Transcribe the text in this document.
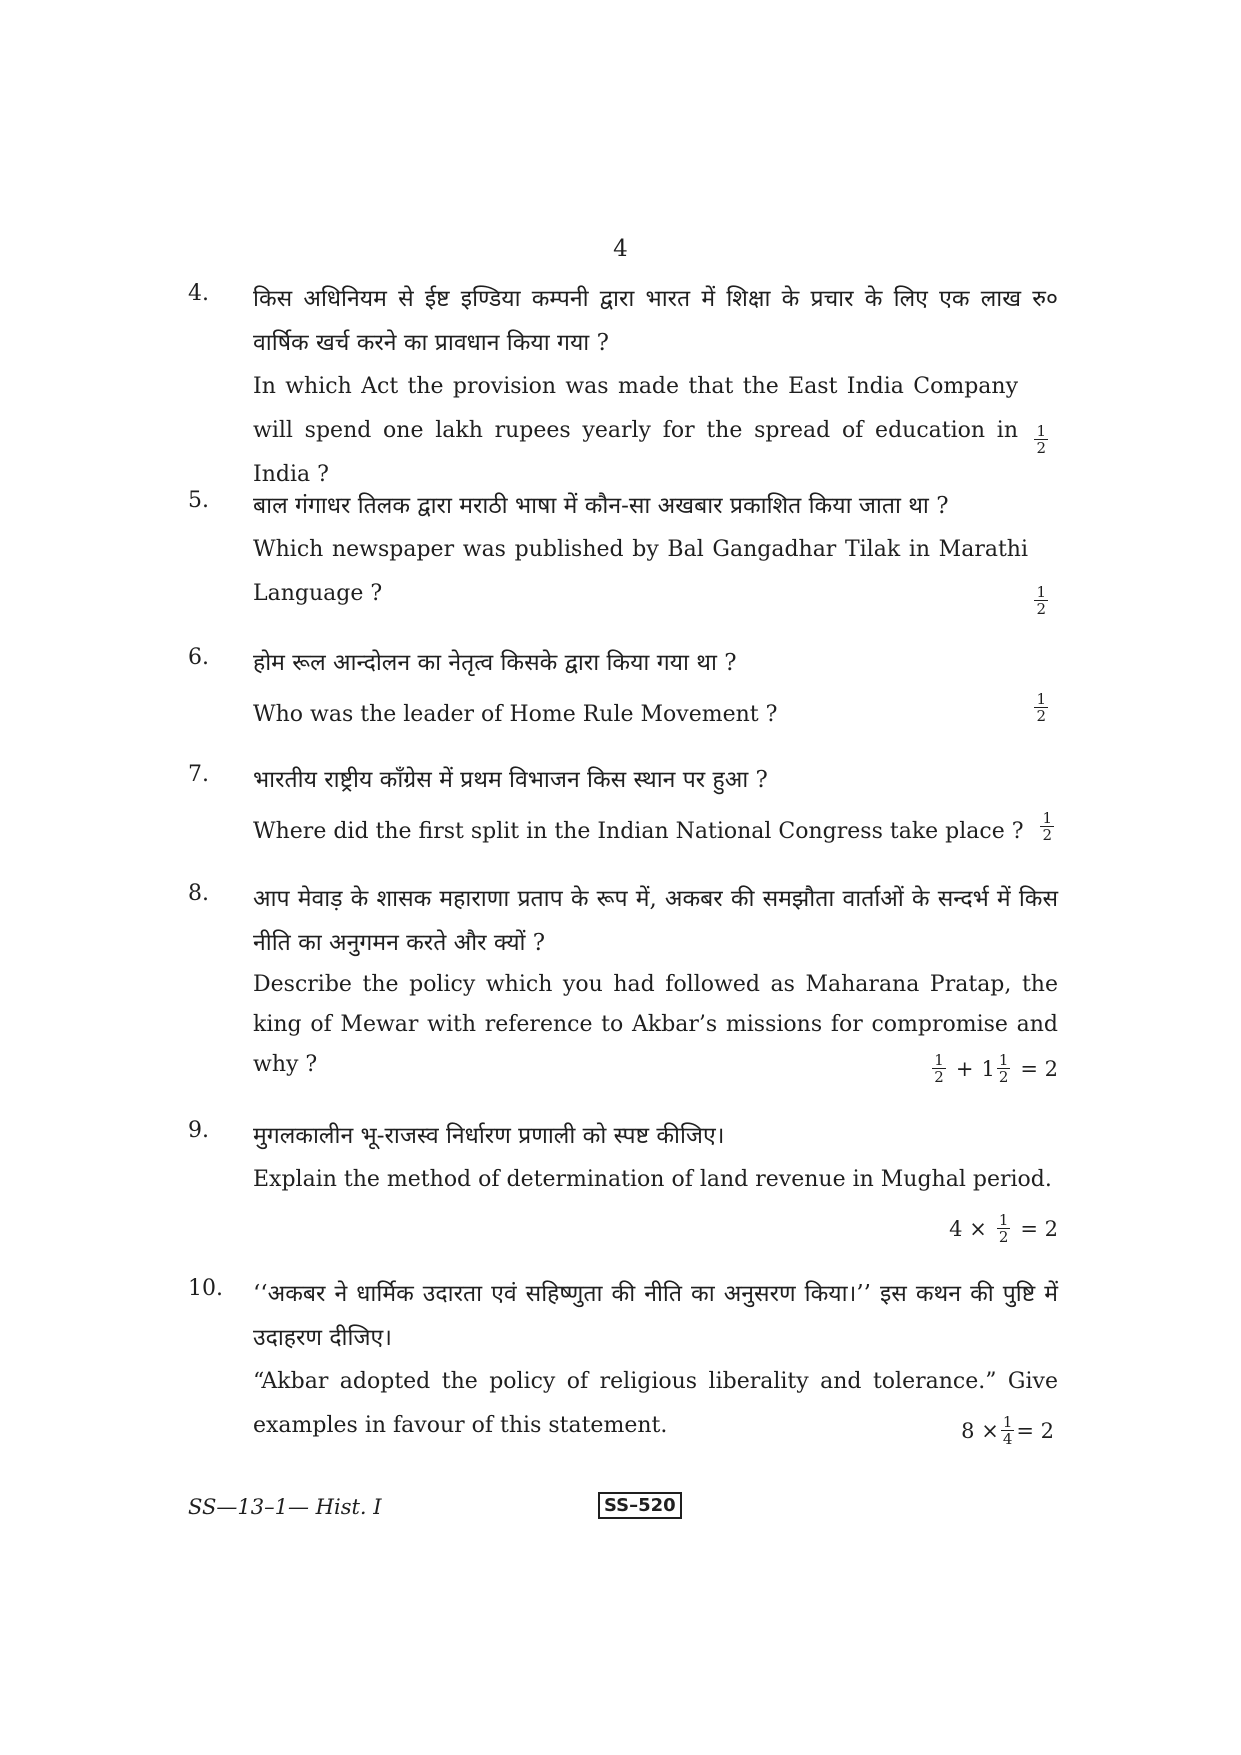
4
4. किस अधिनियम से ईष्ट इण्डिया कम्पनी द्वारा भारत में शिक्षा के प्रचार के लिए एक लाख रु० वार्षिक खर्च करने का प्रावधान किया गया ?
In which Act the provision was made that the East India Company will spend one lakh rupees yearly for the spread of education in India ?
$\frac{1}{2}$
5. बाल गंगाधर तिलक द्वारा मराठी भाषा में कौन-सा अखबार प्रकाशित किया जाता था ?
Which newspaper was published by Bal Gangadhar Tilak in Marathi Language ?	$\frac{1}{2}$
6. होम रूल आन्दोलन का नेतृत्व किसके द्वारा किया गया था ?
Who was the leader of Home Rule Movement ?	$\frac{1}{2}$
7. भारतीय राष्ट्रीय काँग्रेस में प्रथम विभाजन किस स्थान पर हुआ ?
Where did the first split in the Indian National Congress take place ?	$\frac{1}{2}$
8. आप मेवाड़ के शासक महाराणा प्रताप के रूप में, अकबर की समझौता वार्ताओं के सन्दर्भ में किस नीति का अनुगमन करते और क्यों ?
Describe the policy which you had followed as Maharana Pratap, the king of Mewar with reference to Akbar’s missions for compromise and why ?	$\frac{1}{2} + 1 \frac{1}{2} = 2$
9. मुगलकालीन भू-राजस्व निर्धारण प्रणाली को स्पष्ट कीजिए।
Explain the method of determination of land revenue in Mughal period.
$4 \times \frac{1}{2} = 2$
10. ‘‘अकबर ने धार्मिक उदारता एवं सहिष्णुता की नीति का अनुसरण किया।’’ इस कथन की पुष्टि में उदाहरण दीजिए।
“Akbar adopted the policy of religious liberality and tolerance.” Give examples in favour of this statement.	$8 \times \frac{1}{4} = 2$
SS—13–1— Hist. I	SS–520
